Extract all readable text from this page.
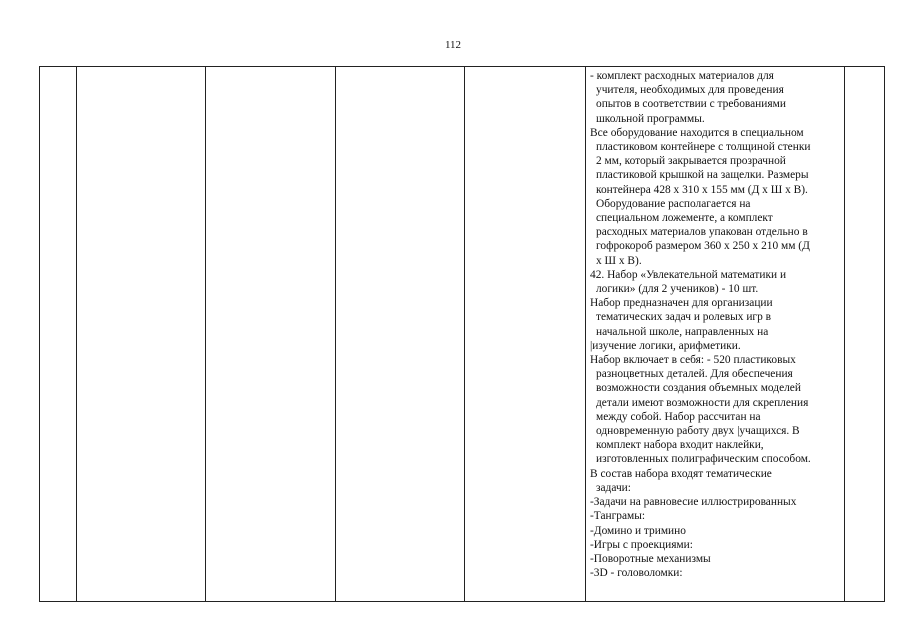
112

- комплект расходных материалов для
учителя, необходимых для проведения
опытов в соответствии с требованиями
школьной программы.
Все оборудование находится в специальном
пластиковом контейнере с толщиной стенки
2 мм, который закрывается прозрачной
пластиковой крышкой на защелки. Размеры
контейнера 428 х 310 х 155 мм (Д х Ш х В).
Оборудование располагается на
специальном ложементе, а комплект
расходных материалов упакован отдельно в
гофрокороб размером 360 х 250 х 210 мм (Д
х Ш х В).
42. Набор «Увлекательной математики и
логики» (для 2 учеников) - 10 шт.
Набор предназначен для организации
тематических задач и ролевых игр в
начальной школе, направленных на
|изучение логики, арифметики.
Набор включает в себя: - 520 пластиковых
разноцветных деталей. Для обеспечения
возможности создания объемных моделей
детали имеют возможности для скрепления
между собой. Набор рассчитан на
одновременную работу двух |учащихся. В
комплект набора входит наклейки,
изготовленных полиграфическим способом.
В состав набора входят тематические
задачи:
-Задачи на равновесие иллюстрированных
-Танграмы:
-Домино и тримино
-Игры с проекциями:
-Поворотные механизмы
-3D - головоломки:
